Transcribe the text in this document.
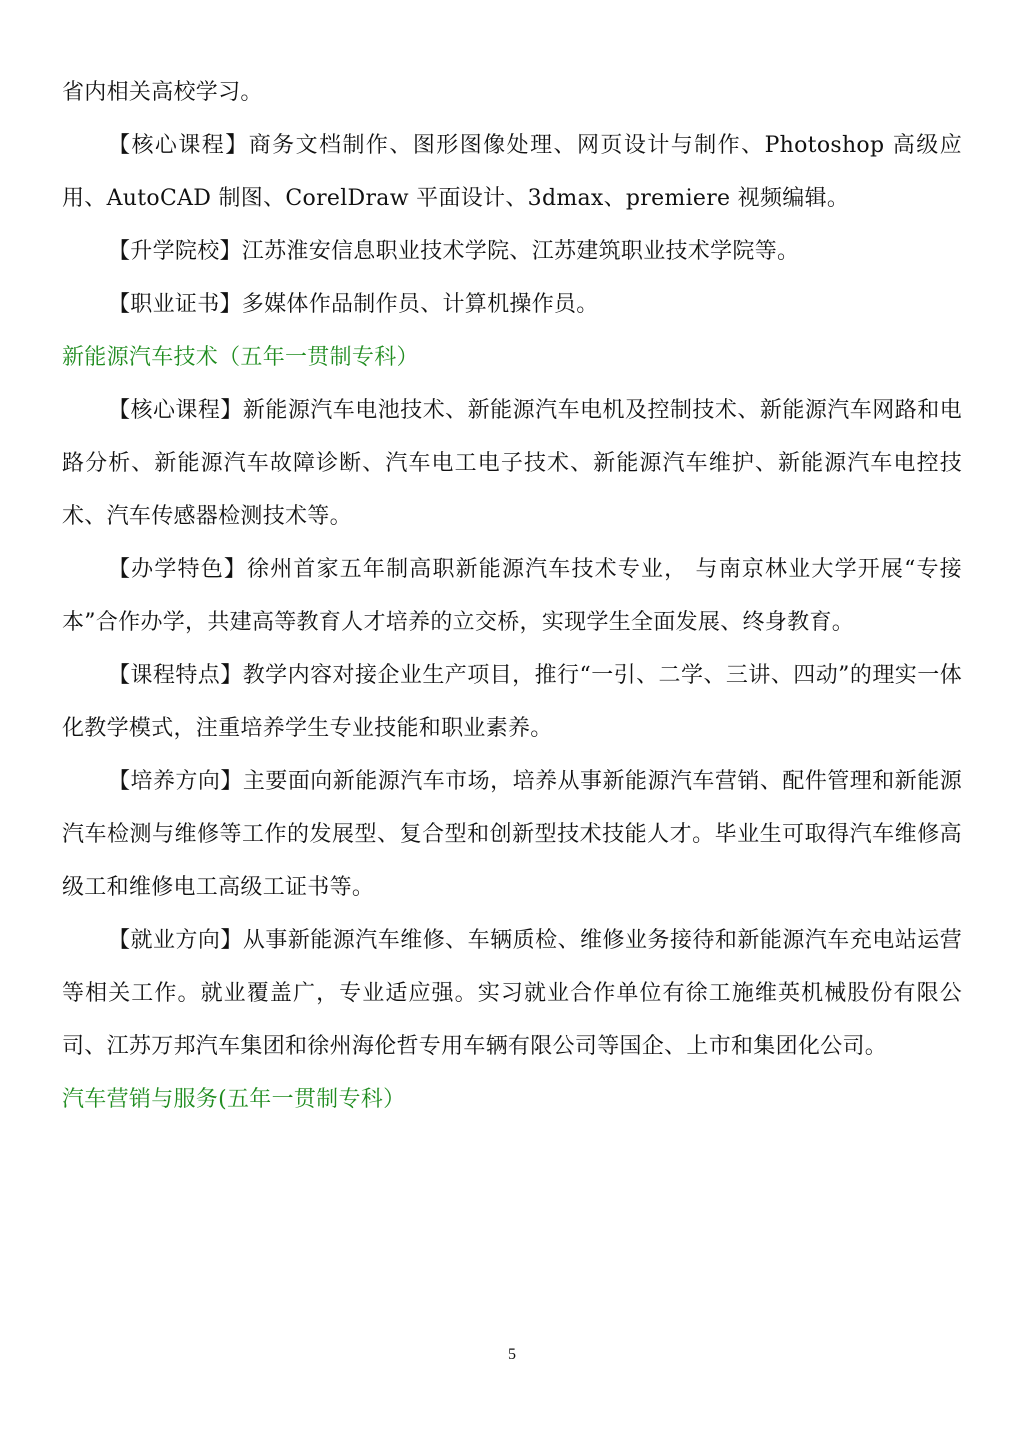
省内相关高校学习。

【核心课程】商务文档制作、图形图像处理、网页设计与制作、Photoshop 高级应用、AutoCAD 制图、CorelDraw 平面设计、3dmax、premiere 视频编辑。

【升学院校】江苏淮安信息职业技术学院、江苏建筑职业技术学院等。

【职业证书】多媒体作品制作员、计算机操作员。

新能源汽车技术（五年一贯制专科）

【核心课程】新能源汽车电池技术、新能源汽车电机及控制技术、新能源汽车网路和电路分析、新能源汽车故障诊断、汽车电工电子技术、新能源汽车维护、新能源汽车电控技术、汽车传感器检测技术等。

【办学特色】徐州首家五年制高职新能源汽车技术专业， 与南京林业大学开展“专接本”合作办学，共建高等教育人才培养的立交桥，实现学生全面发展、终身教育。

【课程特点】教学内容对接企业生产项目，推行“一引、二学、三讲、四动”的理实一体化教学模式，注重培养学生专业技能和职业素养。

【培养方向】主要面向新能源汽车市场，培养从事新能源汽车营销、配件管理和新能源汽车检测与维修等工作的发展型、复合型和创新型技术技能人才。毕业生可取得汽车维修高级工和维修电工高级工证书等。

【就业方向】从事新能源汽车维修、车辆质检、维修业务接待和新能源汽车充电站运营等相关工作。就业覆盖广，专业适应强。实习就业合作单位有徐工施维英机械股份有限公司、江苏万邦汽车集团和徐州海伦哲专用车辆有限公司等国企、上市和集团化公司。

汽车营销与服务(五年一贯制专科）

5
